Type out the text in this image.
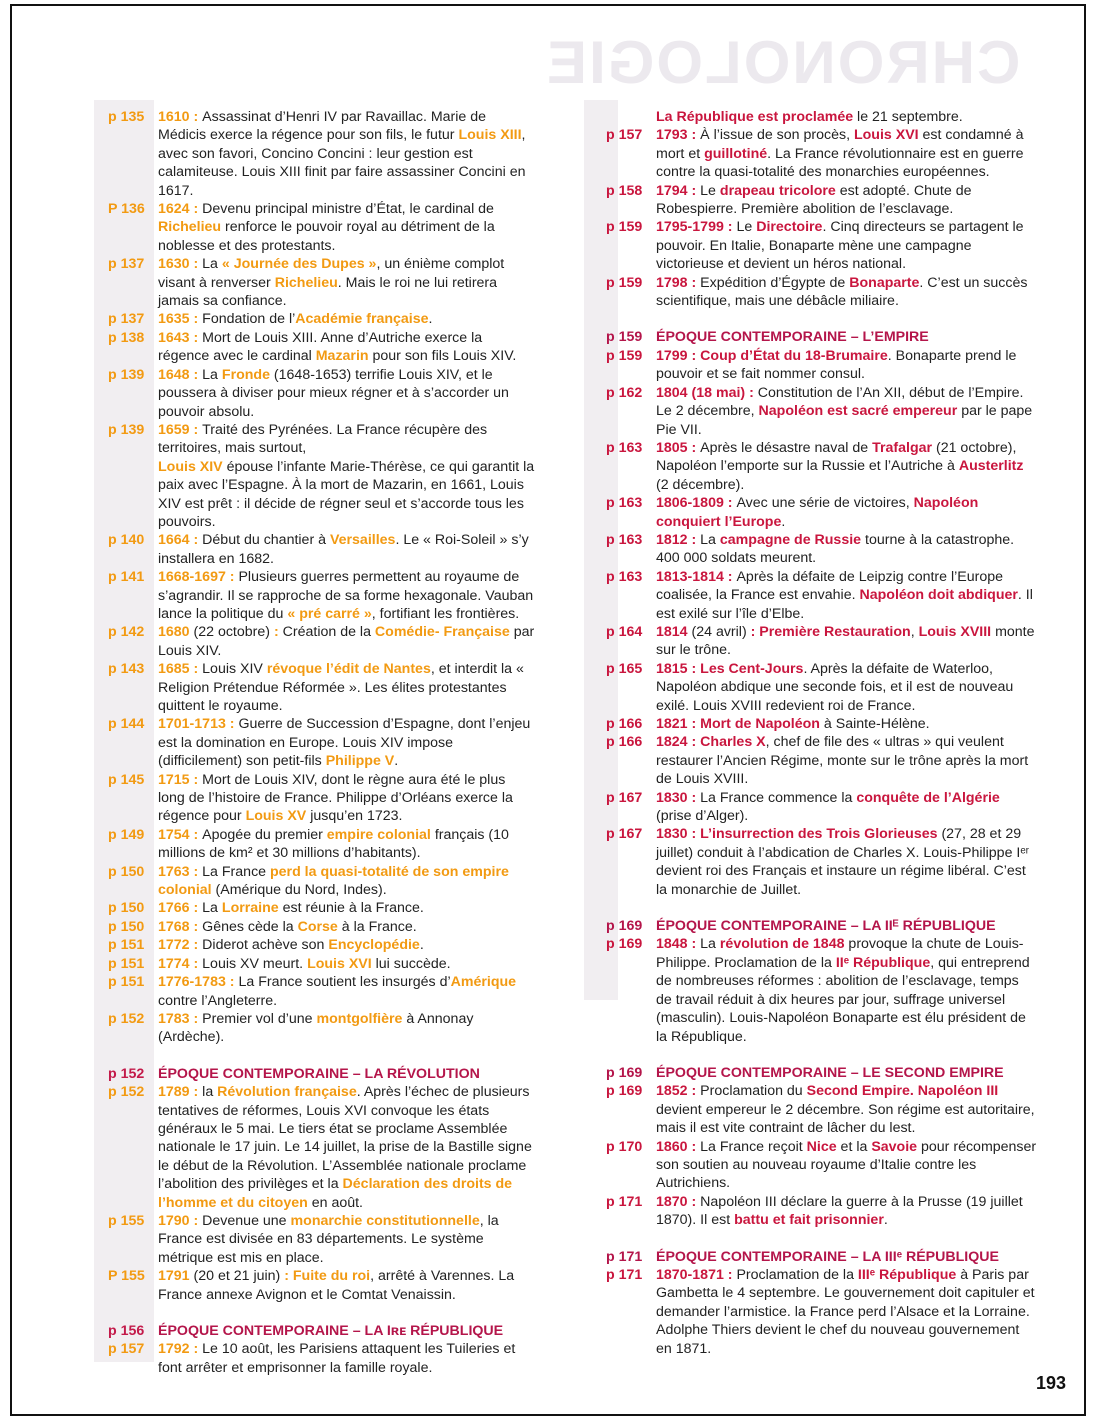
CHRONOLOGIE
p 135 1610 : Assassinat d’Henri IV par Ravaillac. Marie de Médicis exerce la régence pour son fils, le futur Louis XIII, avec son favori, Concino Concini : leur gestion est calamiteuse. Louis XIII finit par faire assassiner Concini en 1617.
P 136 1624 : Devenu principal ministre d’État, le cardinal de Richelieu renforce le pouvoir royal au détriment de la noblesse et des protestants.
p 137 1630 : La « Journée des Dupes », un énième complot visant à renverser Richelieu. Mais le roi ne lui retirera jamais sa confiance.
p 137 1635 : Fondation de l’Académie française.
p 138 1643 : Mort de Louis XIII. Anne d’Autriche exerce la régence avec le cardinal Mazarin pour son fils Louis XIV.
p 139 1648 : La Fronde (1648-1653) terrifie Louis XIV, et le poussera à diviser pour mieux régner et à s’accorder un pouvoir absolu.
p 139 1659 : Traité des Pyrénées. La France récupère des territoires, mais surtout,
Louis XIV épouse l’infante Marie-Thérèse, ce qui garantit la paix avec l’Espagne. À la mort de Mazarin, en 1661, Louis XIV est prêt : il décide de régner seul et s’accorde tous les pouvoirs.
p 140 1664 : Début du chantier à Versailles. Le « Roi-Soleil » s’y installera en 1682.
p 141 1668-1697 : Plusieurs guerres permettent au royaume de s’agrandir. Il se rapproche de sa forme hexagonale. Vauban lance la politique du « pré carré », fortifiant les frontières.
p 142 1680 (22 octobre) : Création de la Comédie- Française par Louis XIV.
p 143 1685 : Louis XIV révoque l’édit de Nantes, et interdit la « Religion Prétendue Réformée ». Les élites protestantes quittent le royaume.
p 144 1701-1713 : Guerre de Succession d’Espagne, dont l’enjeu est la domination en Europe. Louis XIV impose (difficilement) son petit-fils Philippe V.
p 145 1715 : Mort de Louis XIV, dont le règne aura été le plus long de l’histoire de France. Philippe d’Orléans exerce la régence pour Louis XV jusqu’en 1723.
p 149 1754 : Apogée du premier empire colonial français (10 millions de km² et 30 millions d’habitants).
p 150 1763 : La France perd la quasi-totalité de son empire colonial (Amérique du Nord, Indes).
p 150 1766 : La Lorraine est réunie à la France.
p 150 1768 : Gênes cède la Corse à la France.
p 151 1772 : Diderot achève son Encyclopédie.
p 151 1774 : Louis XV meurt. Louis XVI lui succède.
p 151 1776-1783 : La France soutient les insurgés d’Amérique contre l’Angleterre.
p 152 1783 : Premier vol d’une montgolfière à Annonay (Ardèche).
p 152 ÉPOQUE CONTEMPORAINE – LA RÉVOLUTION
p 152 1789 : la Révolution française. Après l’échec de plusieurs tentatives de réformes, Louis XVI convoque les états généraux le 5 mai. Le tiers état se proclame Assemblée nationale le 17 juin. Le 14 juillet, la prise de la Bastille signe le début de la Révolution. L’Assemblée nationale proclame l’abolition des privilèges et la Déclaration des droits de l’homme et du citoyen en août.
p 155 1790 : Devenue une monarchie constitutionnelle, la France est divisée en 83 départements. Le système métrique est mis en place.
P 155 1791 (20 et 21 juin) : Fuite du roi, arrêté à Varennes. La France annexe Avignon et le Comtat Venaissin.
p 156 ÉPOQUE CONTEMPORAINE – LA Iʀᴇ RÉPUBLIQUE
p 157 1792 : Le 10 août, les Parisiens attaquent les Tuileries et font arrêter et emprisonner la famille royale.
La République est proclamée le 21 septembre.
p 157 1793 : À l’issue de son procès, Louis XVI est condamné à mort et guillotiné. La France révolutionnaire est en guerre contre la quasi-totalité des monarchies européennes.
p 158 1794 : Le drapeau tricolore est adopté. Chute de Robespierre. Première abolition de l’esclavage.
p 159 1795-1799 : Le Directoire. Cinq directeurs se partagent le pouvoir. En Italie, Bonaparte mène une campagne victorieuse et devient un héros national.
p 159 1798 : Expédition d’Égypte de Bonaparte. C’est un succès scientifique, mais une débâcle miliaire.
p 159 ÉPOQUE CONTEMPORAINE – L’EMPIRE
p 159 1799 : Coup d’État du 18-Brumaire. Bonaparte prend le pouvoir et se fait nommer consul.
p 162 1804 (18 mai) : Constitution de l’An XII, début de l’Empire. Le 2 décembre, Napoléon est sacré empereur par le pape Pie VII.
p 163 1805 : Après le désastre naval de Trafalgar (21 octobre), Napoléon l’emporte sur la Russie et l’Autriche à Austerlitz (2 décembre).
p 163 1806-1809 : Avec une série de victoires, Napoléon conquiert l’Europe.
p 163 1812 : La campagne de Russie tourne à la catastrophe. 400 000 soldats meurent.
p 163 1813-1814 : Après la défaite de Leipzig contre l’Europe coalisée, la France est envahie. Napoléon doit abdiquer. Il est exilé sur l’île d’Elbe.
p 164 1814 (24 avril) : Première Restauration, Louis XVIII monte sur le trône.
p 165 1815 : Les Cent-Jours. Après la défaite de Waterloo, Napoléon abdique une seconde fois, et il est de nouveau exilé. Louis XVIII redevient roi de France.
p 166 1821 : Mort de Napoléon à Sainte-Hélène.
p 166 1824 : Charles X, chef de file des « ultras » qui veulent restaurer l’Ancien Régime, monte sur le trône après la mort de Louis XVIII.
p 167 1830 : La France commence la conquête de l’Algérie (prise d’Alger).
p 167 1830 : L’insurrection des Trois Glorieuses (27, 28 et 29 juillet) conduit à l’abdication de Charles X. Louis-Philippe Iᵉʳ devient roi des Français et instaure un régime libéral. C’est la monarchie de Juillet.
p 169 ÉPOQUE CONTEMPORAINE – LA IIᴱ RÉPUBLIQUE
p 169 1848 : La révolution de 1848 provoque la chute de Louis-Philippe. Proclamation de la IIᵉ République, qui entreprend de nombreuses réformes : abolition de l’esclavage, temps de travail réduit à dix heures par jour, suffrage universel (masculin). Louis-Napoléon Bonaparte est élu président de la République.
p 169 ÉPOQUE CONTEMPORAINE – LE SECOND EMPIRE
p 169 1852 : Proclamation du Second Empire. Napoléon III devient empereur le 2 décembre. Son régime est autoritaire, mais il est vite contraint de lâcher du lest.
p 170 1860 : La France reçoit Nice et la Savoie pour récompenser son soutien au nouveau royaume d’Italie contre les Autrichiens.
p 171 1870 : Napoléon III déclare la guerre à la Prusse (19 juillet 1870). Il est battu et fait prisonnier.
p 171 ÉPOQUE CONTEMPORAINE – LA IIIᵉ RÉPUBLIQUE
p 171 1870-1871 : Proclamation de la IIIᵉ République à Paris par Gambetta le 4 septembre. Le gouvernement doit capituler et demander l’armistice. la France perd l’Alsace et la Lorraine. Adolphe Thiers devient le chef du nouveau gouvernement en 1871.
193
